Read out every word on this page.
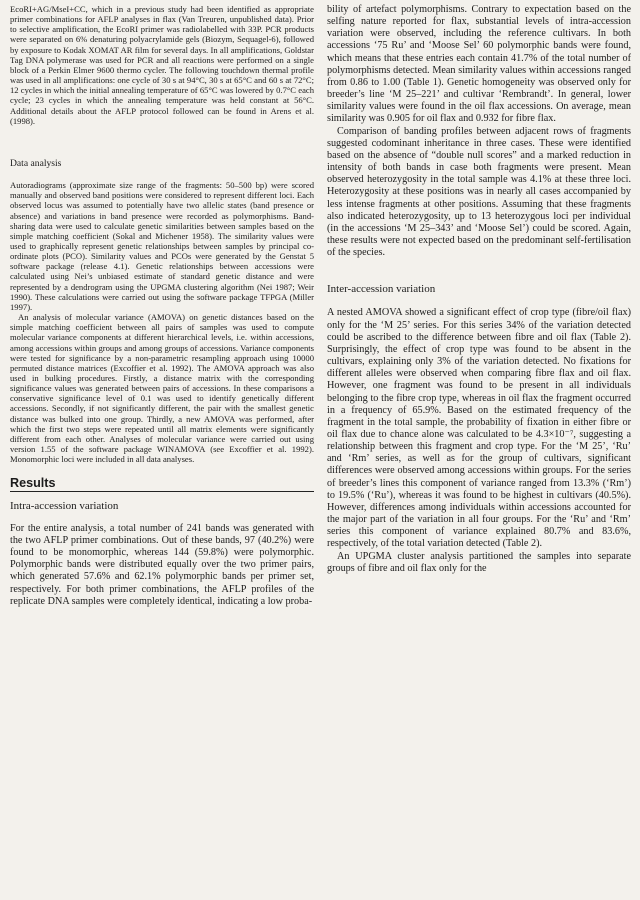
EcoRI+AG/MseI+CC, which in a previous study had been identified as appropriate primer combinations for AFLP analyses in flax (Van Treuren, unpublished data). Prior to selective amplification, the EcoRI primer was radiolabelled with 33P. PCR products were separated on 6% denaturing polyacrylamide gels (Biozym, Sequagel-6), followed by exposure to Kodak XOMAT AR film for several days. In all amplifications, Goldstar Tag DNA polymerase was used for PCR and all reactions were performed on a single block of a Perkin Elmer 9600 thermo cycler. The following touchdown thermal profile was used in all amplifications: one cycle of 30 s at 94°C, 30 s at 65°C and 60 s at 72°C; 12 cycles in which the initial annealing temperature of 65°C was lowered by 0.7°C each cycle; 23 cycles in which the annealing temperature was held constant at 56°C. Additional details about the AFLP protocol followed can be found in Arens et al. (1998).

Data analysis

Autoradiograms (approximate size range of the fragments: 50–500 bp) were scored manually and observed band positions were considered to represent different loci. Each observed locus was assumed to potentially have two allelic states (band presence or absence) and variations in band presence were recorded as polymorphisms. Band-sharing data were used to calculate genetic similarities between samples based on the simple matching coefficient (Sokal and Michener 1958). The similarity values were used to graphically represent genetic relationships between samples by principal co-ordinate plots (PCO). Similarity values and PCOs were generated by the Genstat 5 software package (release 4.1). Genetic relationships between accessions were calculated using Nei’s unbiased estimate of standard genetic distance and were represented by a dendrogram using the UPGMA clustering algorithm (Nei 1987; Weir 1990). These calculations were carried out using the software package TFPGA (Miller 1997).

An analysis of molecular variance (AMOVA) on genetic distances based on the simple matching coefficient between all pairs of samples was used to compute molecular variance components at different hierarchical levels, i.e. within accessions, among accessions within groups and among groups of accessions. Variance components were tested for significance by a non-parametric resampling approach using 10000 permuted distance matrices (Excoffier et al. 1992). The AMOVA approach was also used in bulking procedures. Firstly, a distance matrix with the corresponding significance values was generated between pairs of accessions. In these comparisons a conservative significance level of 0.1 was used to identify genetically different accessions. Secondly, if not significantly different, the pair with the smallest genetic distance was bulked into one group. Thirdly, a new AMOVA was performed, after which the first two steps were repeated until all matrix elements were significantly different from each other. Analyses of molecular variance were carried out using version 1.55 of the software package WINAMOVA (see Excoffier et al. 1992). Monomorphic loci were included in all data analyses.

Results

Intra-accession variation

For the entire analysis, a total number of 241 bands was generated with the two AFLP primer combinations. Out of these bands, 97 (40.2%) were found to be monomorphic, whereas 144 (59.8%) were polymorphic. Polymorphic bands were distributed equally over the two primer pairs, which generated 57.6% and 62.1% polymorphic bands per primer set, respectively. For both primer combinations, the AFLP profiles of the replicate DNA samples were completely identical, indicating a low proba-

bility of artefact polymorphisms. Contrary to expectation based on the selfing nature reported for flax, substantial levels of intra-accession variation were observed, including the reference cultivars. In both accessions ‘75 Ru’ and ‘Moose Sel’ 60 polymorphic bands were found, which means that these entries each contain 41.7% of the total number of polymorphisms detected. Mean similarity values within accessions ranged from 0.86 to 1.00 (Table 1). Genetic homogeneity was observed only for breeder’s line ‘M 25–221’ and cultivar ‘Rembrandt’. In general, lower similarity values were found in the oil flax accessions. On average, mean similarity was 0.905 for oil flax and 0.932 for fibre flax.

Comparison of banding profiles between adjacent rows of fragments suggested codominant inheritance in three cases. These were identified based on the absence of “double null scores” and a marked reduction in intensity of both bands in case both fragments were present. Mean observed heterozygosity in the total sample was 4.1% at these three loci. Heterozygosity at these positions was in nearly all cases accompanied by less intense fragments at other positions. Assuming that these fragments also indicated heterozygosity, up to 13 heterozygous loci per individual (in the accessions ‘M 25–343’ and ‘Moose Sel’) could be scored. Again, these results were not expected based on the predominant self-fertilisation of the species.

Inter-accession variation

A nested AMOVA showed a significant effect of crop type (fibre/oil flax) only for the ‘M 25’ series. For this series 34% of the variation detected could be ascribed to the difference between fibre and oil flax (Table 2). Surprisingly, the effect of crop type was found to be absent in the cultivars, explaining only 3% of the variation detected. No fixations for different alleles were observed when comparing fibre flax and oil flax. However, one fragment was found to be present in all individuals belonging to the fibre crop type, whereas in oil flax the fragment occurred in a frequency of 65.9%. Based on the estimated frequency of the fragment in the total sample, the probability of fixation in either fibre or oil flax due to chance alone was calculated to be 4.3×10⁻⁷, suggesting a relationship between this fragment and crop type. For the ‘M 25’, ‘Ru’ and ‘Rm’ series, as well as for the group of cultivars, significant differences were observed among accessions within groups. For the series of breeder’s lines this component of variance ranged from 13.3% (‘Rm’) to 19.5% (‘Ru’), whereas it was found to be highest in cultivars (40.5%). However, differences among individuals within accessions accounted for the major part of the variation in all four groups. For the ‘Ru’ and ‘Rm’ series this component of variance explained 80.7% and 83.6%, respectively, of the total variation detected (Table 2).

An UPGMA cluster analysis partitioned the samples into separate groups of fibre and oil flax only for the
